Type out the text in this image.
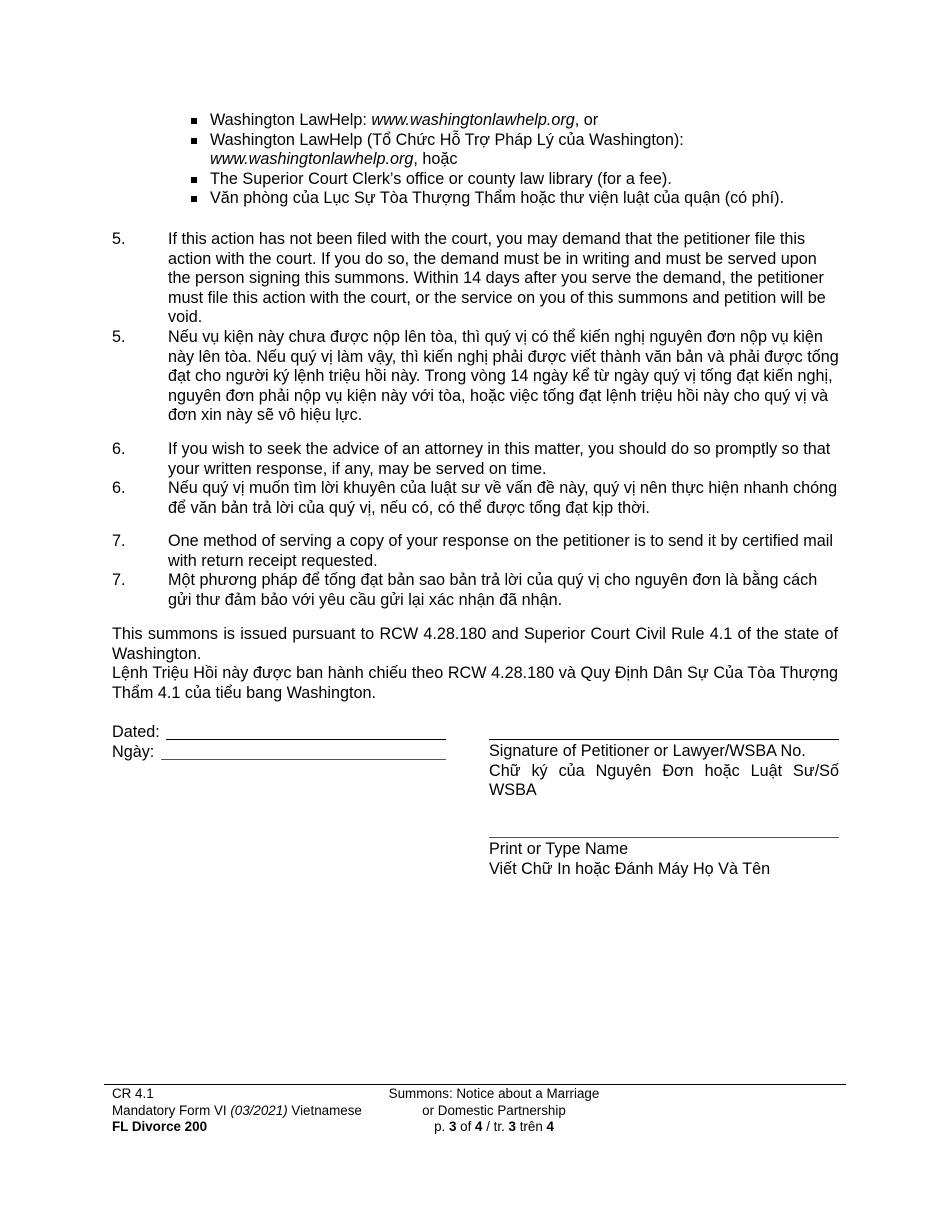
Washington LawHelp: www.washingtonlawhelp.org, or
Washington LawHelp (Tổ Chức Hỗ Trợ Pháp Lý của Washington): www.washingtonlawhelp.org, hoặc
The Superior Court Clerk’s office or county law library (for a fee).
Văn phòng của Lục Sự Tòa Thượng Thẩm hoặc thư viện luật của quận (có phí).
5.	If this action has not been filed with the court, you may demand that the petitioner file this action with the court. If you do so, the demand must be in writing and must be served upon the person signing this summons. Within 14 days after you serve the demand, the petitioner must file this action with the court, or the service on you of this summons and petition will be void.
5.	Nếu vụ kiện này chưa được nộp lên tòa, thì quý vị có thể kiến nghị nguyên đơn nộp vụ kiện này lên tòa. Nếu quý vị làm vậy, thì kiến nghị phải được viết thành văn bản và phải được tống đạt cho người ký lệnh triệu hồi này. Trong vòng 14 ngày kể từ ngày quý vị tống đạt kiến nghị, nguyên đơn phải nộp vụ kiện này với tòa, hoặc việc tống đạt lệnh triệu hồi này cho quý vị và đơn xin này sẽ vô hiệu lực.
6.	If you wish to seek the advice of an attorney in this matter, you should do so promptly so that your written response, if any, may be served on time.
6.	Nếu quý vị muốn tìm lời khuyên của luật sư về vấn đề này, quý vị nên thực hiện nhanh chóng để văn bản trả lời của quý vị, nếu có, có thể được tống đạt kịp thời.
7.	One method of serving a copy of your response on the petitioner is to send it by certified mail with return receipt requested.
7.	Một phương pháp để tống đạt bản sao bản trả lời của quý vị cho nguyên đơn là bằng cách gửi thư đảm bảo với yêu cầu gửi lại xác nhận đã nhận.
This summons is issued pursuant to RCW 4.28.180 and Superior Court Civil Rule 4.1 of the state of Washington.
Lệnh Triệu Hồi này được ban hành chiếu theo RCW 4.28.180 và Quy Định Dân Sự Của Tòa Thượng Thẩm 4.1 của tiểu bang Washington.
Dated:
Ngày:	Signature of Petitioner or Lawyer/WSBA No.
Chữ ký của Nguyên Đơn hoặc Luật Sư/Số WSBA
Print or Type Name
Viết Chữ In hoặc Đánh Máy Họ Và Tên
CR 4.1
Mandatory Form VI (03/2021) Vietnamese
FL Divorce 200
Summons: Notice about a Marriage
or Domestic Partnership
p. 3 of 4 / tr. 3 trên 4
